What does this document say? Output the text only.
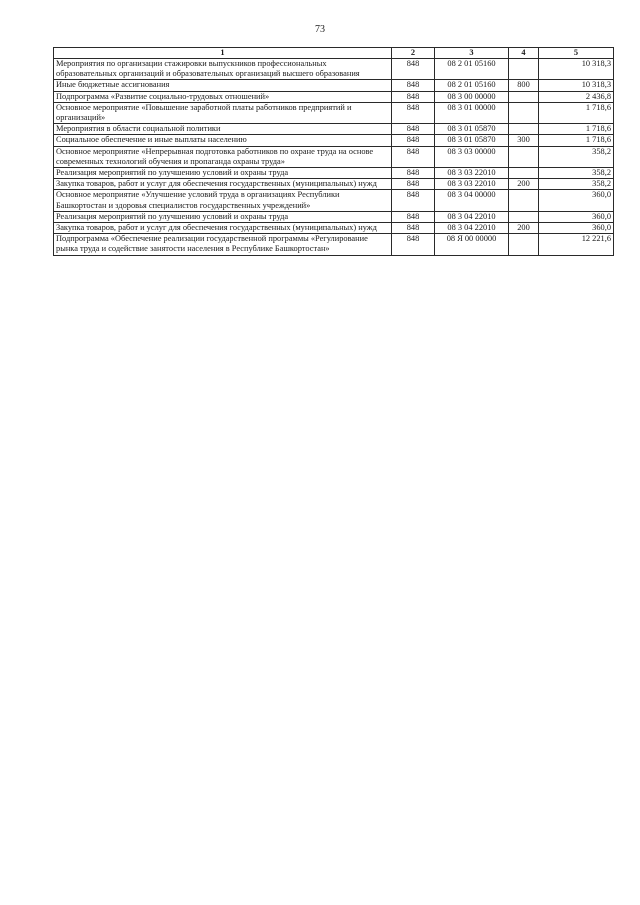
73
1	2	3	4	5
Мероприятия по организации стажировки выпускников профессиональных образовательных организаций и образовательных организаций высшего образования	848	08 2 01 05160		10 318,3
Иные бюджетные ассигнования	848	08 2 01 05160	800	10 318,3
Подпрограмма «Развитие социально-трудовых отношений»	848	08 3 00 00000		2 436,8
Основное мероприятие «Повышение заработной платы работников предприятий и организаций»	848	08 3 01 00000		1 718,6
Мероприятия в области социальной политики	848	08 3 01 05870		1 718,6
Социальное обеспечение и иные выплаты населению	848	08 3 01 05870	300	1 718,6
Основное мероприятие «Непрерывная подготовка работников по охране труда на основе современных технологий обучения и пропаганда охраны труда»	848	08 3 03 00000		358,2
Реализация мероприятий по улучшению условий и охраны труда	848	08 3 03 22010		358,2
Закупка товаров, работ и услуг для обеспечения государственных (муниципальных) нужд	848	08 3 03 22010	200	358,2
Основное мероприятие «Улучшение условий труда в организациях Республики Башкортостан и здоровья специалистов государственных учреждений»	848	08 3 04 00000		360,0
Реализация мероприятий по улучшению условий и охраны труда	848	08 3 04 22010		360,0
Закупка товаров, работ и услуг для обеспечения государственных (муниципальных) нужд	848	08 3 04 22010	200	360,0
Подпрограмма «Обеспечение реализации государственной программы «Регулирование рынка труда и содействие занятости населения в Республике Башкортостан»	848	08 Я 00 00000		12 221,6
